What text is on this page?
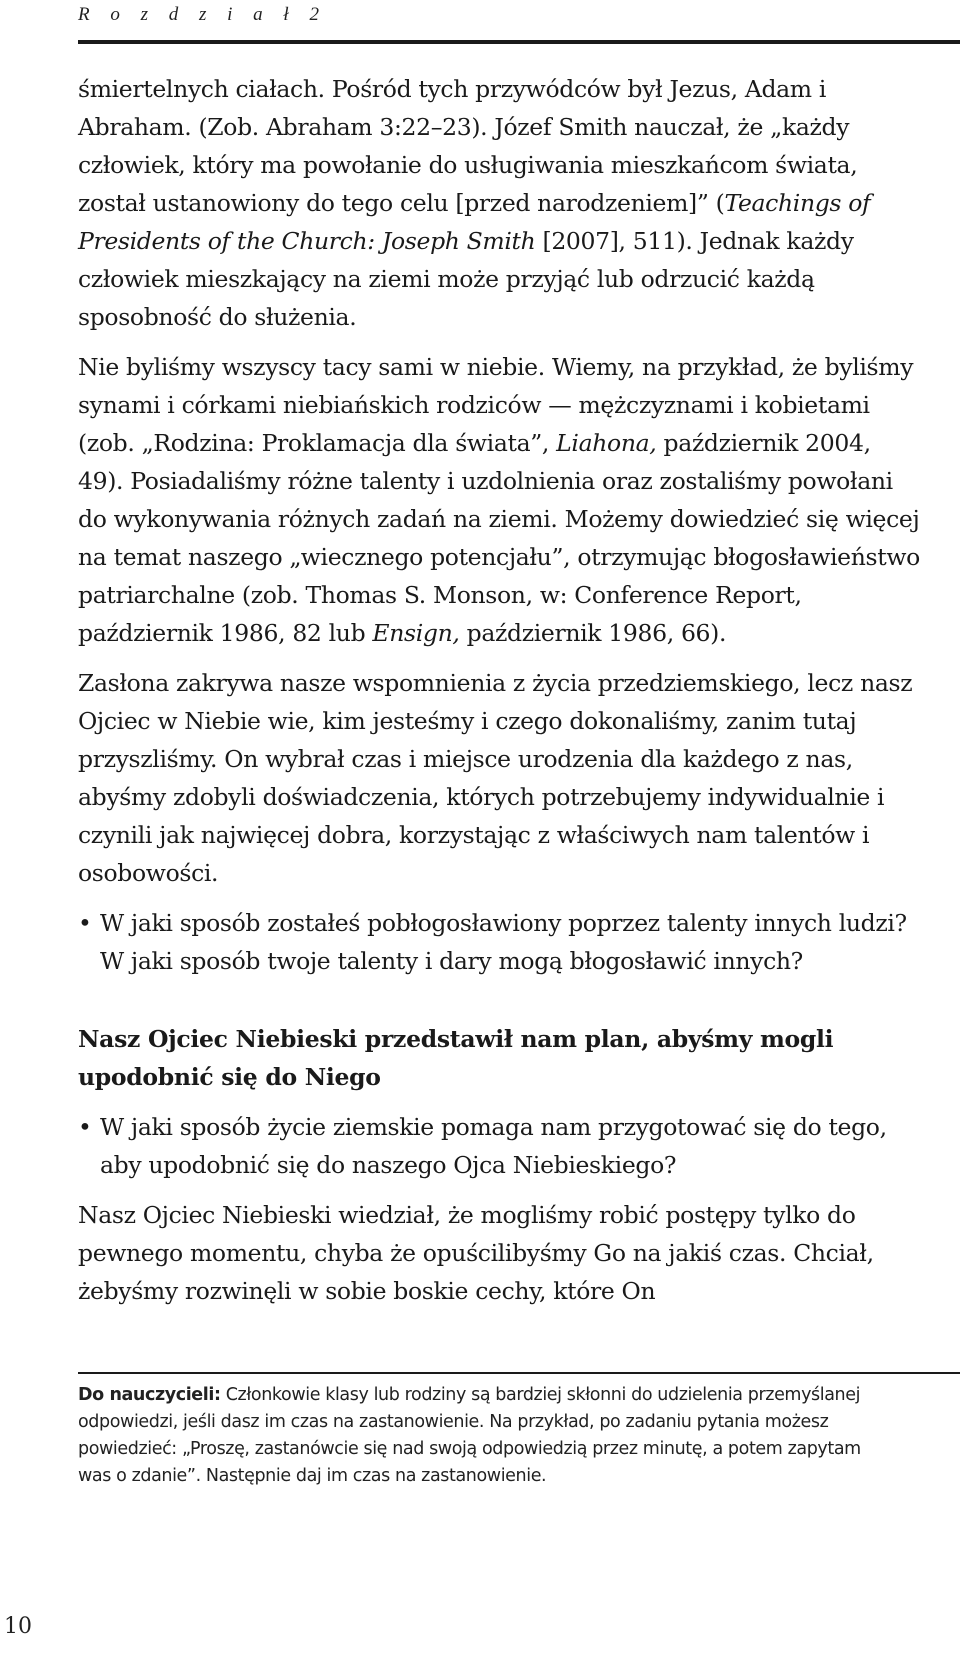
R o z d z i a ł 2

śmiertelnych ciałach. Pośród tych przywódców był Jezus, Adam i Abraham. (Zob. Abraham 3:22–23). Józef Smith nauczał, że „każdy człowiek, który ma powołanie do usługiwania mieszkańcom świata, został ustanowiony do tego celu [przed narodzeniem]” (Teachings of Presidents of the Church: Joseph Smith [2007], 511). Jednak każdy człowiek mieszkający na ziemi może przyjąć lub odrzucić każdą sposobność do służenia.

Nie byliśmy wszyscy tacy sami w niebie. Wiemy, na przykład, że byliśmy synami i córkami niebiańskich rodziców — mężczyznami i kobietami (zob. „Rodzina: Proklamacja dla świata”, Liahona, październik 2004, 49). Posiadaliśmy różne talenty i uzdolnienia oraz zostaliśmy powołani do wykonywania różnych zadań na ziemi. Możemy dowiedzieć się więcej na temat naszego „wiecznego potencjału”, otrzymując błogosławieństwo patriarchalne (zob. Thomas S. Monson, w: Conference Report, październik 1986, 82 lub Ensign, październik 1986, 66).

Zasłona zakrywa nasze wspomnienia z życia przedziemskiego, lecz nasz Ojciec w Niebie wie, kim jesteśmy i czego dokonaliśmy, zanim tutaj przyszliśmy. On wybrał czas i miejsce urodzenia dla każdego z nas, abyśmy zdobyli doświadczenia, których potrzebujemy indywidualnie i czynili jak najwięcej dobra, korzystając z właściwych nam talentów i osobowości.

• W jaki sposób zostałeś pobłogosławiony poprzez talenty innych ludzi? W jaki sposób twoje talenty i dary mogą błogosławić innych?
Nasz Ojciec Niebieski przedstawił nam plan, abyśmy mogli upodobnić się do Niego
• W jaki sposób życie ziemskie pomaga nam przygotować się do tego, aby upodobnić się do naszego Ojca Niebieskiego?

Nasz Ojciec Niebieski wiedział, że mogliśmy robić postępy tylko do pewnego momentu, chyba że opuścilibyśmy Go na jakiś czas. Chciał, żebyśmy rozwinęli w sobie boskie cechy, które On

Do nauczycieli: Członkowie klasy lub rodziny są bardziej skłonni do udzielenia przemyślanej odpowiedzi, jeśli dasz im czas na zastanowienie. Na przykład, po zadaniu pytania możesz powiedzieć: „Proszę, zastanówcie się nad swoją odpowiedzią przez minutę, a potem zapytam was o zdanie”. Następnie daj im czas na zastanowienie.
10
